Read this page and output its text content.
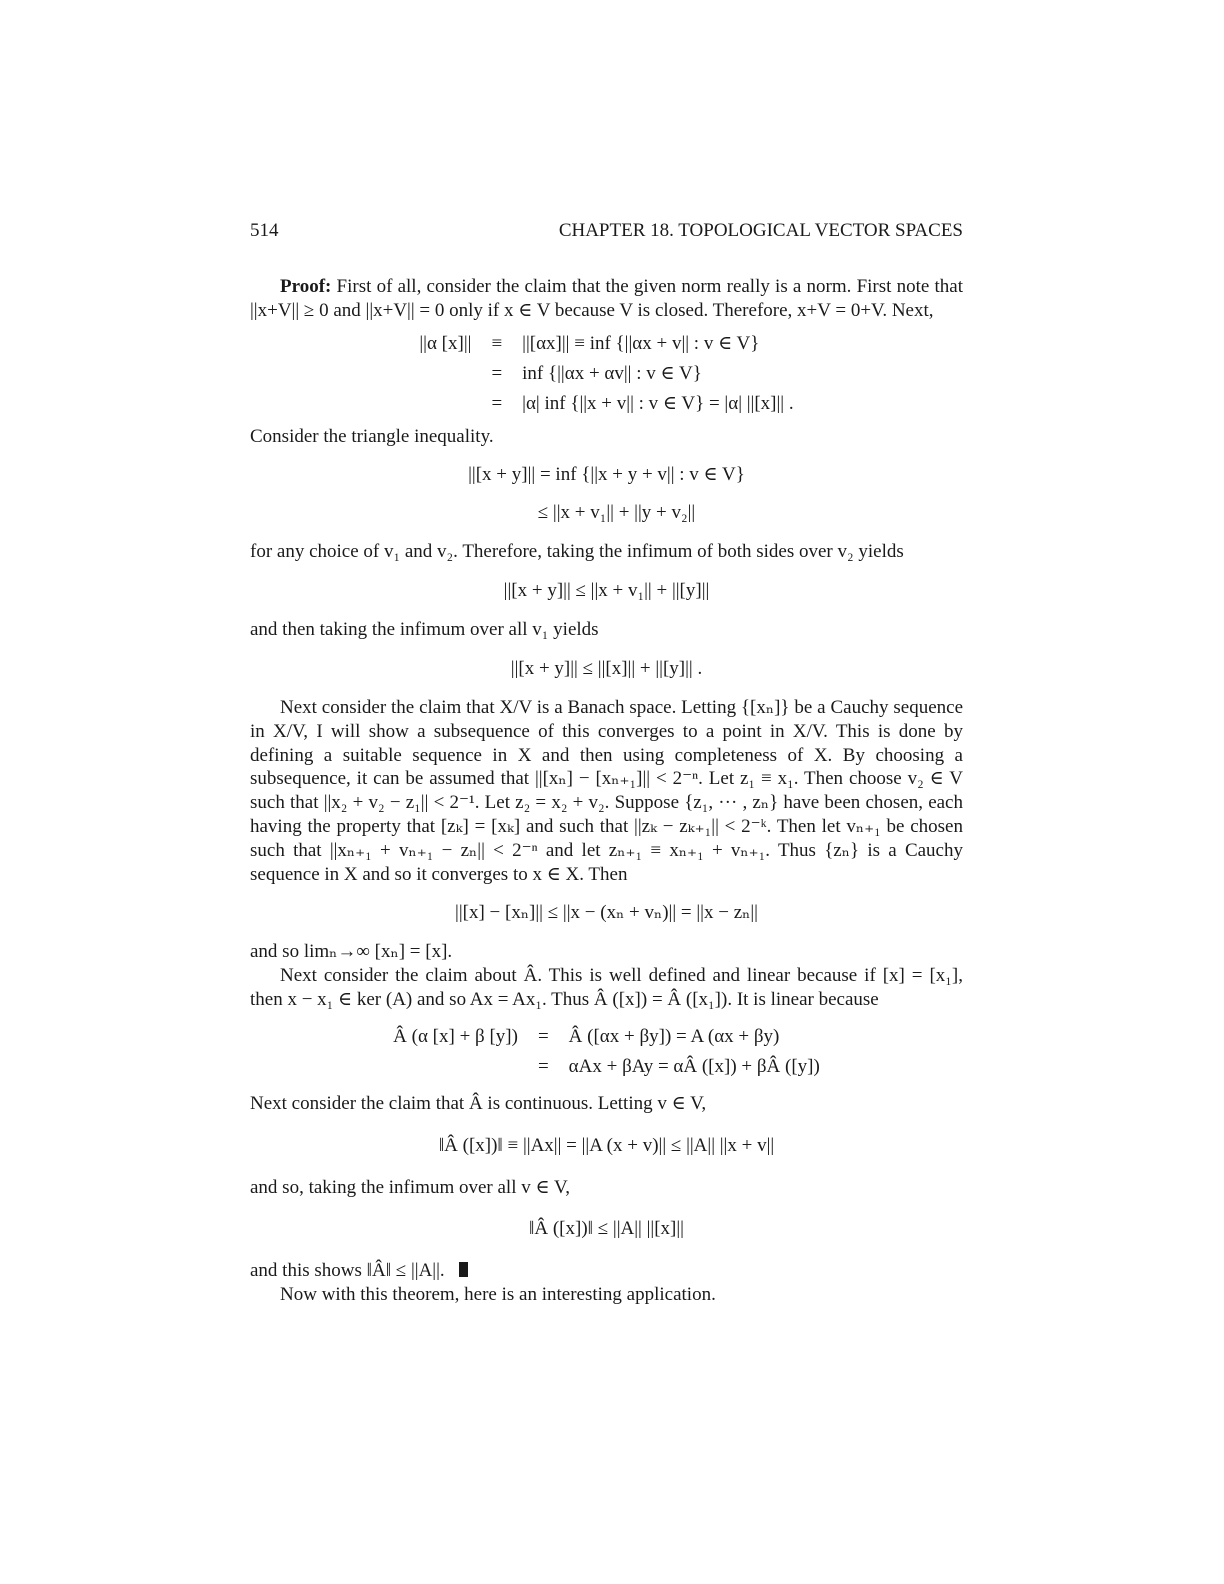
514	CHAPTER 18. TOPOLOGICAL VECTOR SPACES

Proof: First of all, consider the claim that the given norm really is a norm. First note that ||x+V|| ≥ 0 and ||x+V|| = 0 only if x ∈ V because V is closed. Therefore, x+V = 0+V. Next,

||α [x]|| ≡ ||[αx]|| ≡ inf {||αx + v|| : v ∈ V}
= inf {||αx + αv|| : v ∈ V}
= |α| inf {||x + v|| : v ∈ V} = |α| ||[x]|| .

Consider the triangle inequality.

||[x + y]|| = inf {||x + y + v|| : v ∈ V}
≤ ||x + v₁|| + ||y + v₂||

for any choice of v₁ and v₂. Therefore, taking the infimum of both sides over v₂ yields

||[x + y]|| ≤ ||x + v₁|| + ||[y]||

and then taking the infimum over all v₁ yields

||[x + y]|| ≤ ||[x]|| + ||[y]|| .

Next consider the claim that X/V is a Banach space. Letting {[xₙ]} be a Cauchy sequence in X/V, I will show a subsequence of this converges to a point in X/V. This is done by defining a suitable sequence in X and then using completeness of X. By choosing a subsequence, it can be assumed that ||[xₙ] − [xₙ₊₁]|| < 2⁻ⁿ. Let z₁ ≡ x₁. Then choose v₂ ∈ V such that ||x₂ + v₂ − z₁|| < 2⁻¹. Let z₂ = x₂ + v₂. Suppose {z₁, ··· , zₙ} have been chosen, each having the property that [zₖ] = [xₖ] and such that ||zₖ − zₖ₊₁|| < 2⁻ᵏ. Then let vₙ₊₁ be chosen such that ||xₙ₊₁ + vₙ₊₁ − zₙ|| < 2⁻ⁿ and let zₙ₊₁ ≡ xₙ₊₁ + vₙ₊₁. Thus {zₙ} is a Cauchy sequence in X and so it converges to x ∈ X. Then

||[x] − [xₙ]|| ≤ ||x − (xₙ + vₙ)|| = ||x − zₙ||

and so limₙ→∞ [xₙ] = [x].

Next consider the claim about Â. This is well defined and linear because if [x] = [x₁], then x − x₁ ∈ ker (A) and so Ax = Ax₁. Thus Â ([x]) = Â ([x₁]). It is linear because

Â (α [x] + β [y]) = Â ([αx + βy]) = A (αx + βy)
= αAx + βAy = αÂ ([x]) + βÂ ([y])

Next consider the claim that Â is continuous. Letting v ∈ V,

‖Â ([x])‖ ≡ ||Ax|| = ||A (x + v)|| ≤ ||A|| ||x + v||

and so, taking the infimum over all v ∈ V,

‖Â ([x])‖ ≤ ||A|| ||[x]||

and this shows ‖Â‖ ≤ ||A||.

Now with this theorem, here is an interesting application.
